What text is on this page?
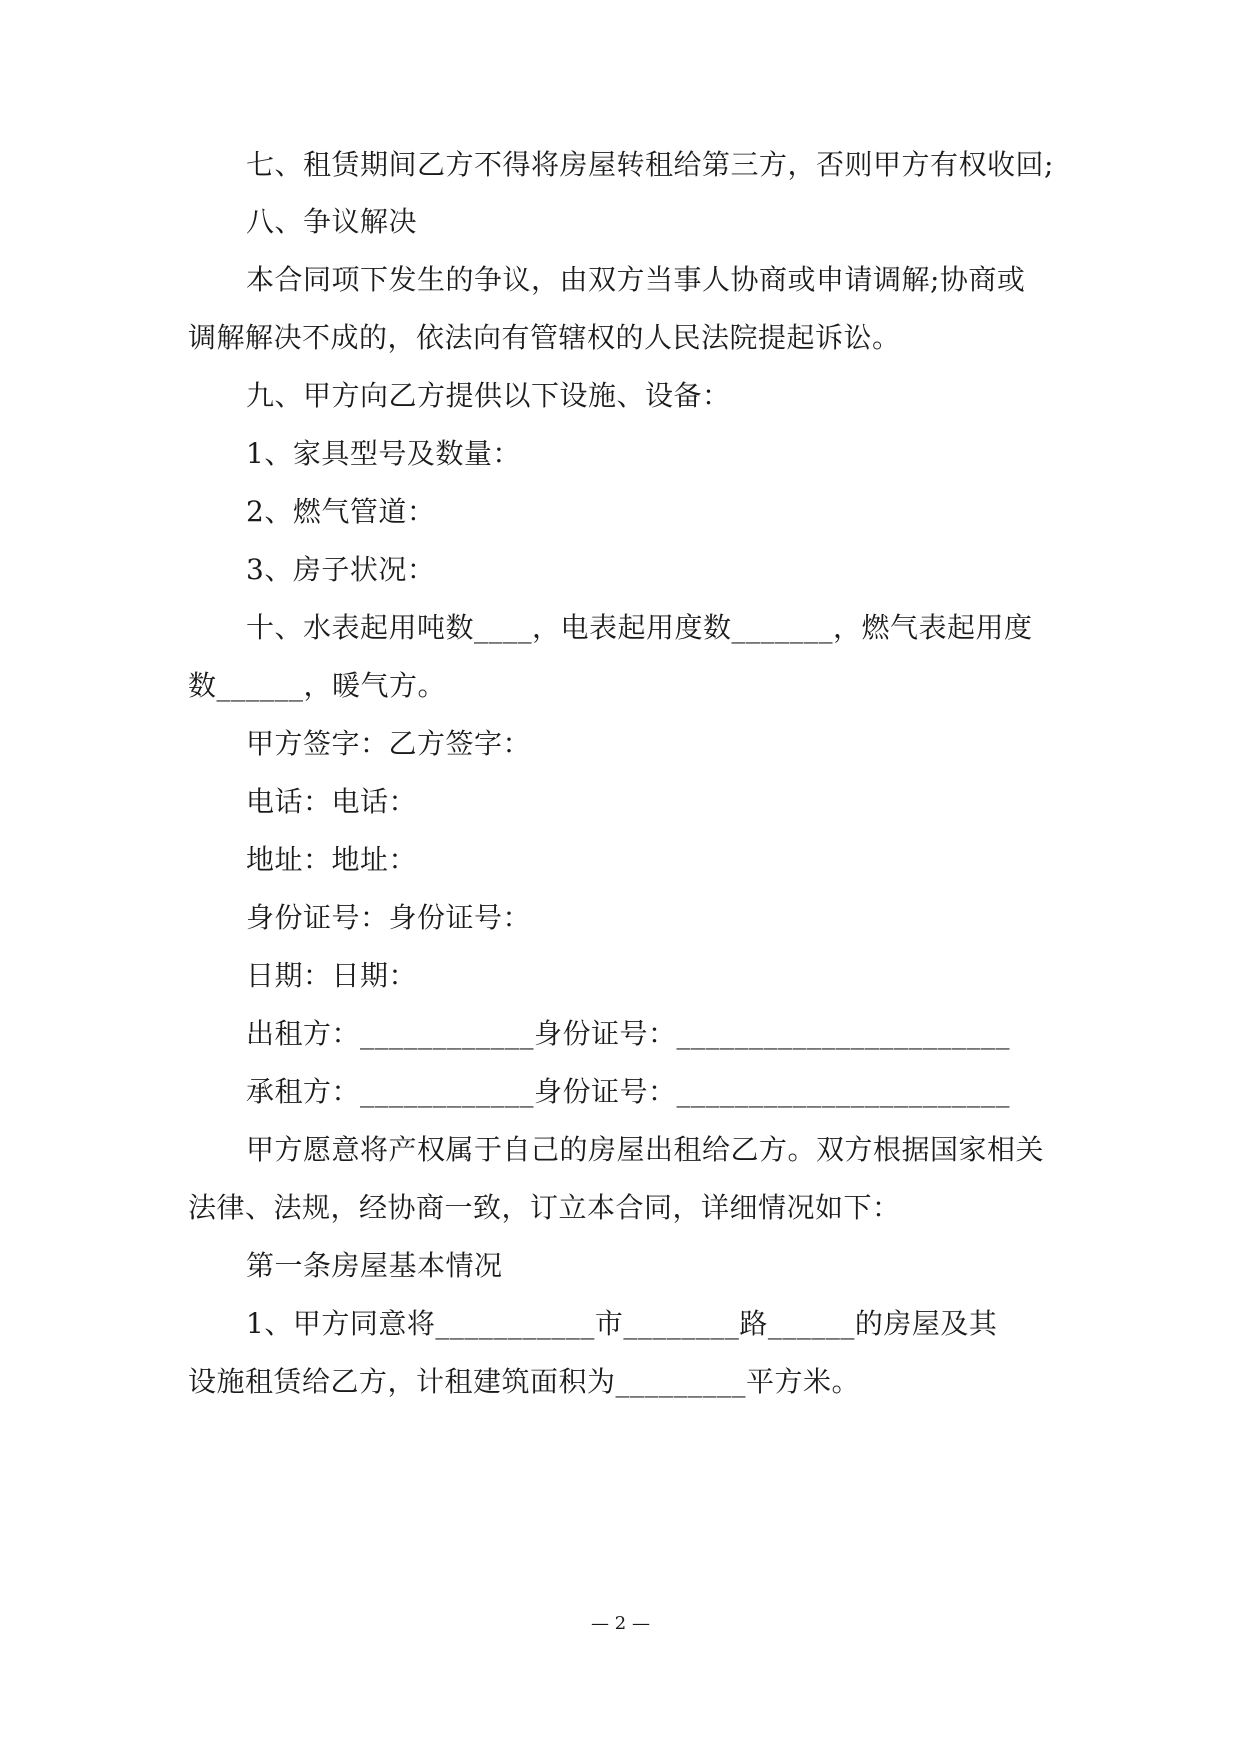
七、租赁期间乙方不得将房屋转租给第三方，否则甲方有权收回;
八、争议解决
本合同项下发生的争议，由双方当事人协商或申请调解;协商或
调解解决不成的，依法向有管辖权的人民法院提起诉讼。
九、甲方向乙方提供以下设施、设备：
1、家具型号及数量：
2、燃气管道：
3、房子状况：
十、水表起用吨数____，电表起用度数_______，燃气表起用度
数______，暖气方。
甲方签字：乙方签字：
电话：电话：
地址：地址：
身份证号：身份证号：
日期：日期：
出租方：____________身份证号：_______________________
承租方：____________身份证号：_______________________
甲方愿意将产权属于自己的房屋出租给乙方。双方根据国家相关
法律、法规，经协商一致，订立本合同，详细情况如下：
第一条房屋基本情况
1、甲方同意将___________市________路______的房屋及其
设施租赁给乙方，计租建筑面积为_________平方米。
— 2 —
